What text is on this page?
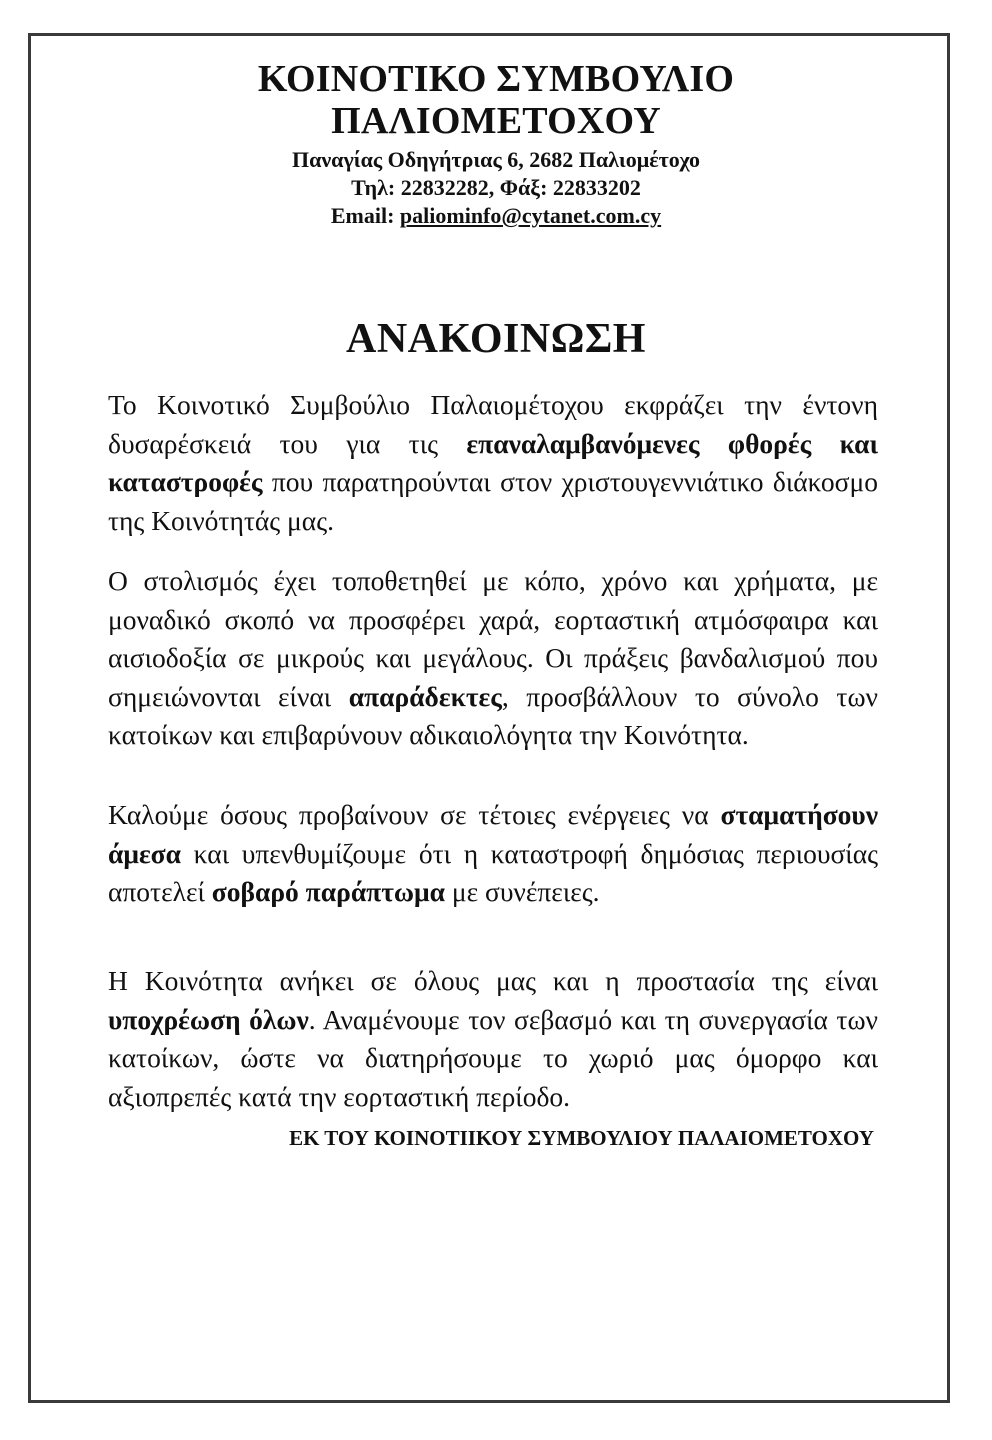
ΚΟΙΝΟΤΙΚΟ ΣΥΜΒΟΥΛΙΟ
ΠΑΛΙΟΜΕΤΟΧΟΥ
Παναγίας Οδηγήτριας 6, 2682 Παλιομέτοχο
Τηλ: 22832282, Φάξ: 22833202
Email: paliominfo@cytanet.com.cy
ΑΝΑΚΟΙΝΩΣΗ

Το Κοινοτικό Συμβούλιο Παλαιομέτοχου εκφράζει την έντονη δυσαρέσκειά του για τις επαναλαμβανόμενες φθορές και καταστροφές που παρατηρούνται στον χριστουγεννιάτικο διάκοσμο της Κοινότητάς μας.

Ο στολισμός έχει τοποθετηθεί με κόπο, χρόνο και χρήματα, με μοναδικό σκοπό να προσφέρει χαρά, εορταστική ατμόσφαιρα και αισιοδοξία σε μικρούς και μεγάλους. Οι πράξεις βανδαλισμού που σημειώνονται είναι απαράδεκτες, προσβάλλουν το σύνολο των κατοίκων και επιβαρύνουν αδικαιολόγητα την Κοινότητα.

Καλούμε όσους προβαίνουν σε τέτοιες ενέργειες να σταματήσουν άμεσα και υπενθυμίζουμε ότι η καταστροφή δημόσιας περιουσίας αποτελεί σοβαρό παράπτωμα με συνέπειες.

Η Κοινότητα ανήκει σε όλους μας και η προστασία της είναι υποχρέωση όλων. Αναμένουμε τον σεβασμό και τη συνεργασία των κατοίκων, ώστε να διατηρήσουμε το χωριό μας όμορφο και αξιοπρεπές κατά την εορταστική περίοδο.

ΕΚ ΤΟΥ ΚΟΙΝΟΤΙΙΚΟΥ ΣΥΜΒΟΥΛΙΟΥ ΠΑΛΑΙΟΜΕΤΟΧΟΥ
